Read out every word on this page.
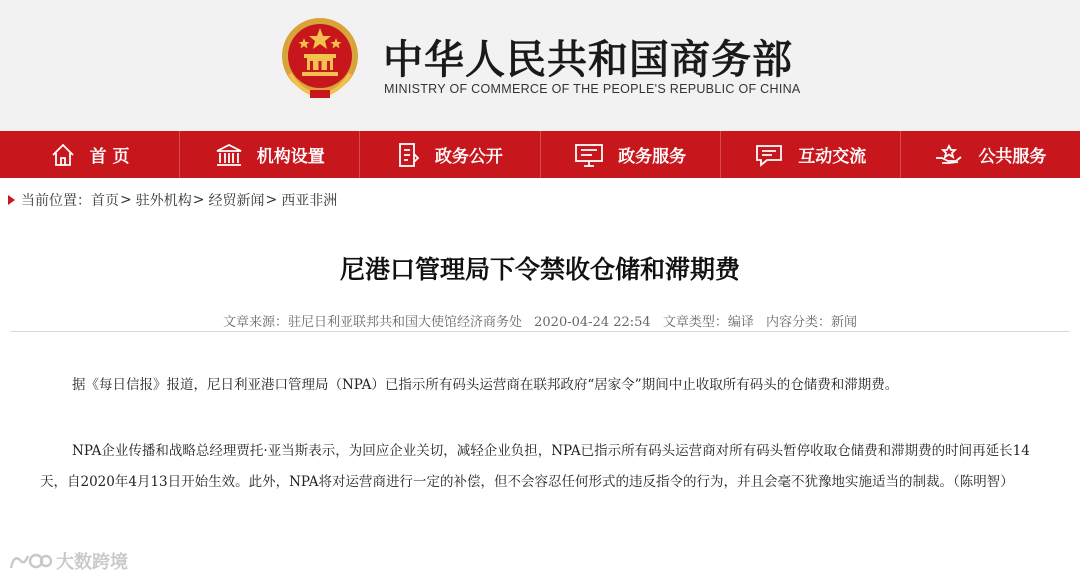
中华人民共和国商务部
MINISTRY OF COMMERCE OF THE PEOPLE'S REPUBLIC OF CHINA
首 页	机构设置	政务公开	政务服务	互动交流	公共服务
当前位置： 首页 > 驻外机构 > 经贸新闻 > 西亚非洲
尼港口管理局下令禁收仓储和滞期费
文章来源：驻尼日利亚联邦共和国大使馆经济商务处 2020-04-24 22:54 文章类型：编译 内容分类：新闻
据《每日信报》报道，尼日利亚港口管理局（NPA）已指示所有码头运营商在联邦政府“居家令”期间中止收取所有码头的仓储费和滞期费。
NPA企业传播和战略总经理贾托·亚当斯表示，为回应企业关切，减轻企业负担，NPA已指示所有码头运营商对所有码头暂停收取仓储费和滞期费的时间再延长14天，自2020年4月13日开始生效。此外，NPA将对运营商进行一定的补偿，但不会容忍任何形式的违反指令的行为，并且会毫不犹豫地实施适当的制裁。（陈明智）
大数跨境
